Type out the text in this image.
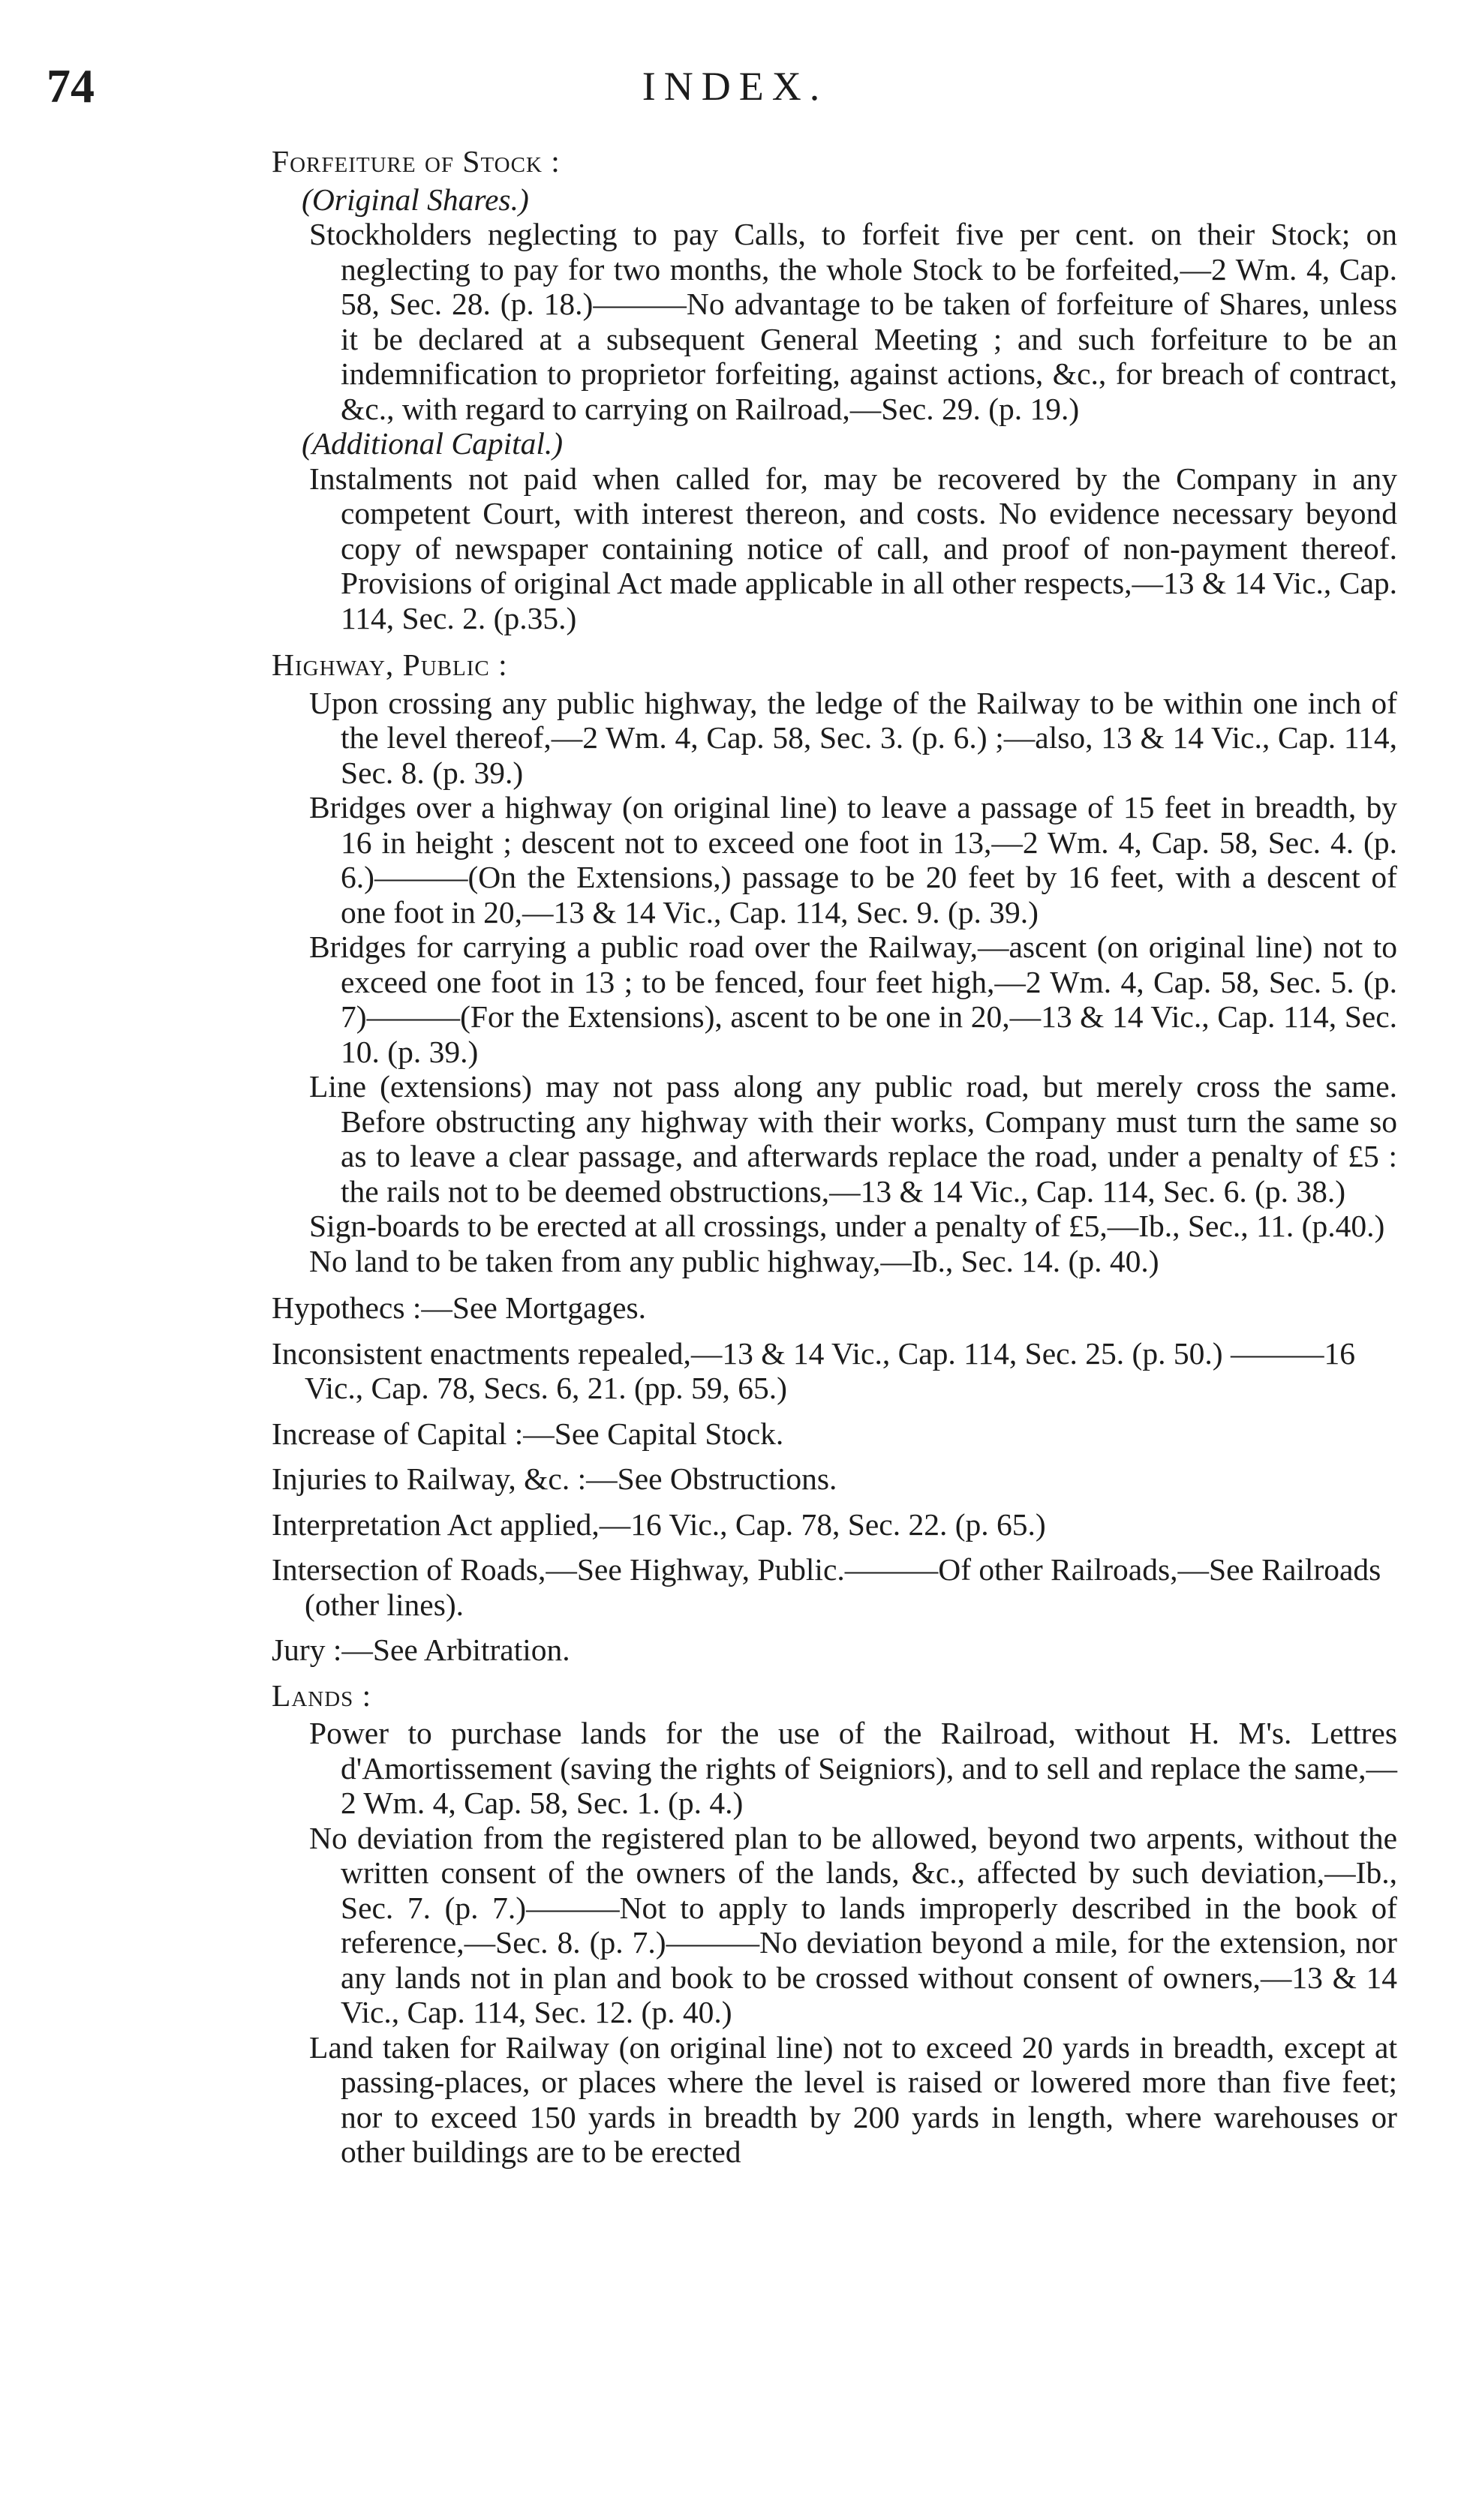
74	INDEX.
Forfeiture of Stock :
(Original Shares.)
Stockholders neglecting to pay Calls, to forfeit five per cent. on their Stock; on neglecting to pay for two months, the whole Stock to be forfeited,—2 Wm. 4, Cap. 58, Sec. 28. (p. 18.)———No advantage to be taken of forfeiture of Shares, unless it be declared at a subsequent General Meeting ; and such forfeiture to be an indemnification to proprietor forfeiting, against actions, &c., for breach of contract, &c., with regard to carrying on Railroad,—Sec. 29. (p. 19.)
(Additional Capital.)
Instalments not paid when called for, may be recovered by the Company in any competent Court, with interest thereon, and costs. No evidence necessary beyond copy of newspaper containing notice of call, and proof of non-payment thereof. Provisions of original Act made applicable in all other respects,—13 & 14 Vic., Cap. 114, Sec. 2. (p.35.)
Highway, Public :
Upon crossing any public highway, the ledge of the Railway to be within one inch of the level thereof,—2 Wm. 4, Cap. 58, Sec. 3. (p. 6.) ;—also, 13 & 14 Vic., Cap. 114, Sec. 8. (p. 39.)
Bridges over a highway (on original line) to leave a passage of 15 feet in breadth, by 16 in height ; descent not to exceed one foot in 13,—2 Wm. 4, Cap. 58, Sec. 4. (p. 6.)———(On the Extensions,) passage to be 20 feet by 16 feet, with a descent of one foot in 20,—13 & 14 Vic., Cap. 114, Sec. 9. (p. 39.)
Bridges for carrying a public road over the Railway,—ascent (on original line) not to exceed one foot in 13 ; to be fenced, four feet high,—2 Wm. 4, Cap. 58, Sec. 5. (p. 7)———(For the Extensions), ascent to be one in 20,—13 & 14 Vic., Cap. 114, Sec. 10. (p. 39.)
Line (extensions) may not pass along any public road, but merely cross the same. Before obstructing any highway with their works, Company must turn the same so as to leave a clear passage, and afterwards replace the road, under a penalty of £5 : the rails not to be deemed obstructions,—13 & 14 Vic., Cap. 114, Sec. 6. (p. 38.)
Sign-boards to be erected at all crossings, under a penalty of £5,—Ib., Sec., 11. (p.40.)
No land to be taken from any public highway,—Ib., Sec. 14. (p. 40.)
Hypothecs :—See Mortgages.
Inconsistent enactments repealed,—13 & 14 Vic., Cap. 114, Sec. 25. (p. 50.) ———16 Vic., Cap. 78, Secs. 6, 21. (pp. 59, 65.)
Increase of Capital :—See Capital Stock.
Injuries to Railway, &c. :—See Obstructions.
Interpretation Act applied,—16 Vic., Cap. 78, Sec. 22. (p. 65.)
Intersection of Roads,—See Highway, Public.———Of other Railroads,—See Railroads (other lines).
Jury :—See Arbitration.
Lands :
Power to purchase lands for the use of the Railroad, without H. M's. Lettres d'Amortissement (saving the rights of Seigniors), and to sell and replace the same,—2 Wm. 4, Cap. 58, Sec. 1. (p. 4.)
No deviation from the registered plan to be allowed, beyond two arpents, without the written consent of the owners of the lands, &c., affected by such deviation,—Ib., Sec. 7. (p. 7.)———Not to apply to lands improperly described in the book of reference,—Sec. 8. (p. 7.)———No deviation beyond a mile, for the extension, nor any lands not in plan and book to be crossed without consent of owners,—13 & 14 Vic., Cap. 114, Sec. 12. (p. 40.)
Land taken for Railway (on original line) not to exceed 20 yards in breadth, except at passing-places, or places where the level is raised or lowered more than five feet; nor to exceed 150 yards in breadth by 200 yards in length, where warehouses or other buildings are to be erected
